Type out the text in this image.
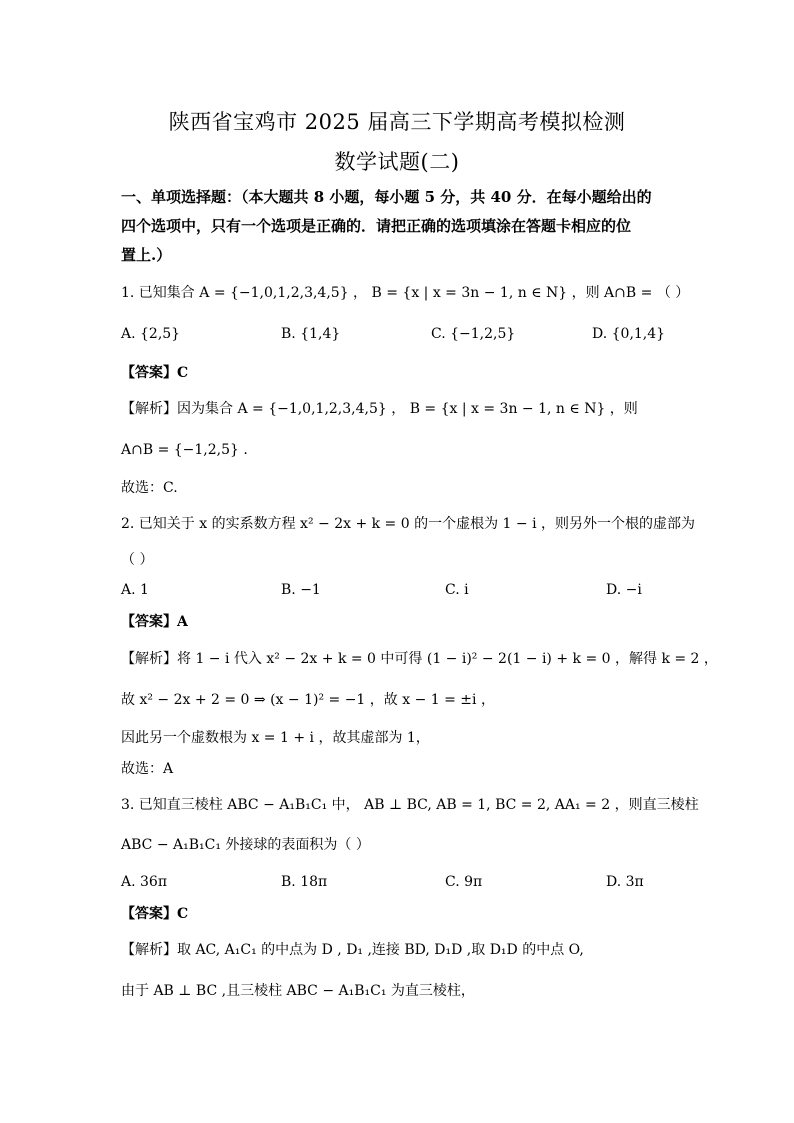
陕西省宝鸡市 2025 届高三下学期高考模拟检测
数学试题(二)
一、单项选择题：（本大题共 8 小题，每小题 5 分，共 40 分．在每小题给出的
四个选项中，只有一个选项是正确的．请把正确的选项填涂在答题卡相应的位
置上.）
1. 已知集合 A = {−1,0,1,2,3,4,5} ， B = {x | x = 3n − 1, n ∈ N} ，则 A∩B = （ ）
A. {2,5}	B. {1,4}	C. {−1,2,5}	D. {0,1,4}
【答案】C
【解析】因为集合 A = {−1,0,1,2,3,4,5} ， B = {x | x = 3n − 1, n ∈ N} ，则
A∩B = {−1,2,5} .
故选：C.
2. 已知关于 x 的实系数方程 x² − 2x + k = 0 的一个虚根为 1 − i ，则另外一个根的虚部为
（ ）
A. 1	B. −1	C. i	D. −i
【答案】A
【解析】将 1 − i 代入 x² − 2x + k = 0 中可得 (1 − i)² − 2(1 − i) + k = 0 ，解得 k = 2 ，
故 x² − 2x + 2 = 0 ⇒ (x − 1)² = −1 ，故 x − 1 = ±i ，
因此另一个虚数根为 x = 1 + i ，故其虚部为 1，
故选：A
3. 已知直三棱柱 ABC − A₁B₁C₁ 中， AB ⊥ BC, AB = 1, BC = 2, AA₁ = 2 ，则直三棱柱
ABC − A₁B₁C₁ 外接球的表面积为（ ）
A. 36π	B. 18π	C. 9π	D. 3π
【答案】C
【解析】取 AC, A₁C₁ 的中点为 D , D₁ ,连接 BD, D₁D ,取 D₁D 的中点 O,
由于 AB ⊥ BC ,且三棱柱 ABC − A₁B₁C₁ 为直三棱柱，
